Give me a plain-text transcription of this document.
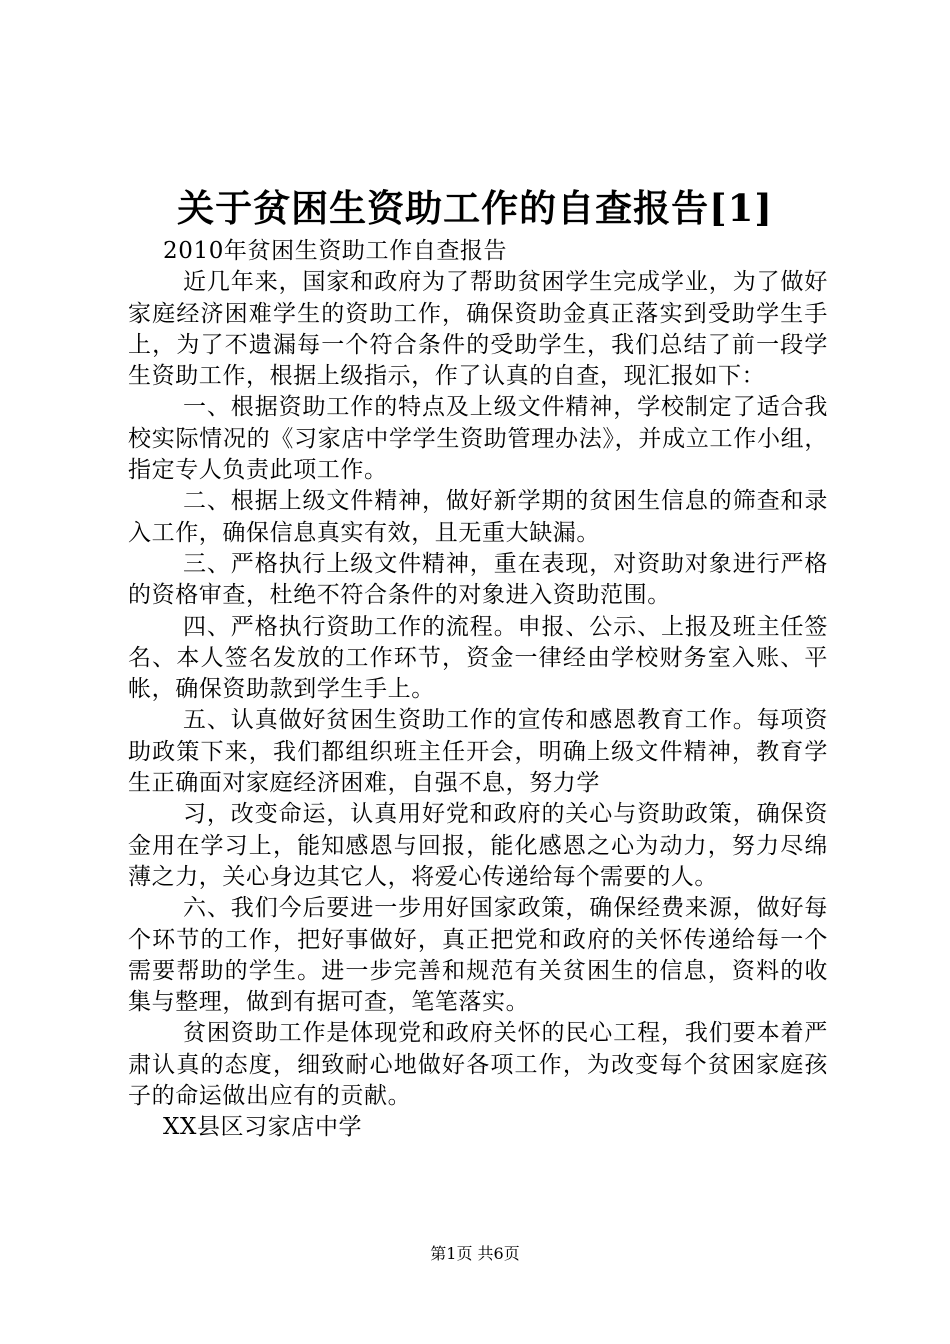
关于贫困生资助工作的自查报告[1]

2010年贫困生资助工作自查报告

近几年来，国家和政府为了帮助贫困学生完成学业，为了做好家庭经济困难学生的资助工作，确保资助金真正落实到受助学生手上，为了不遗漏每一个符合条件的受助学生，我们总结了前一段学生资助工作，根据上级指示，作了认真的自查，现汇报如下：

一、根据资助工作的特点及上级文件精神，学校制定了适合我校实际情况的《习家店中学学生资助管理办法》，并成立工作小组，指定专人负责此项工作。

二、根据上级文件精神，做好新学期的贫困生信息的筛查和录入工作，确保信息真实有效，且无重大缺漏。

三、严格执行上级文件精神，重在表现，对资助对象进行严格的资格审查，杜绝不符合条件的对象进入资助范围。

四、严格执行资助工作的流程。申报、公示、上报及班主任签名、本人签名发放的工作环节，资金一律经由学校财务室入账、平帐，确保资助款到学生手上。

五、认真做好贫困生资助工作的宣传和感恩教育工作。每项资助政策下来，我们都组织班主任开会，明确上级文件精神，教育学生正确面对家庭经济困难，自强不息，努力学

习，改变命运，认真用好党和政府的关心与资助政策，确保资金用在学习上，能知感恩与回报，能化感恩之心为动力，努力尽绵薄之力，关心身边其它人，将爱心传递给每个需要的人。

六、我们今后要进一步用好国家政策，确保经费来源，做好每个环节的工作，把好事做好，真正把党和政府的关怀传递给每一个需要帮助的学生。进一步完善和规范有关贫困生的信息，资料的收集与整理，做到有据可查，笔笔落实。

贫困资助工作是体现党和政府关怀的民心工程，我们要本着严肃认真的态度，细致耐心地做好各项工作，为改变每个贫困家庭孩子的命运做出应有的贡献。

XX县区习家店中学

第1页 共6页
